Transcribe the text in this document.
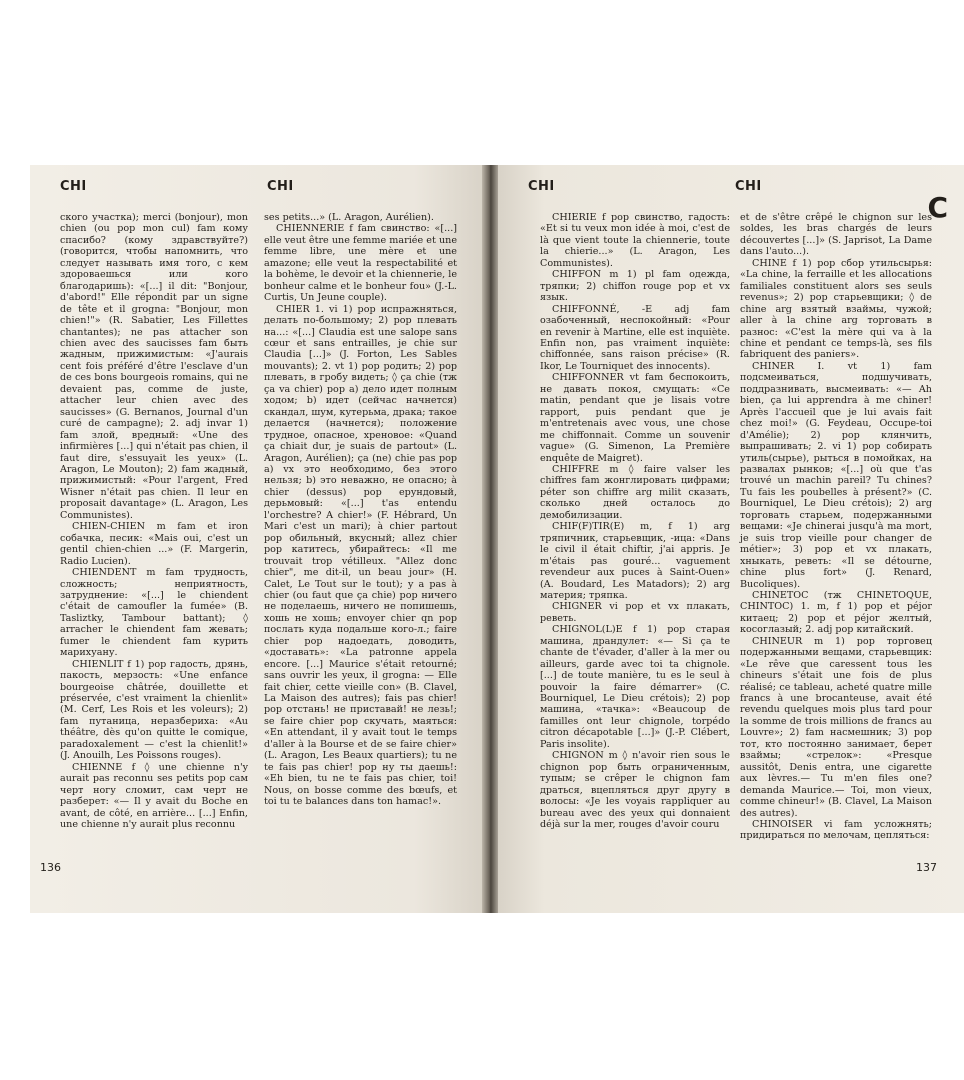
CHI	CHI

ского участка); merci (bonjour), mon chien (ou pop mon cul) fam кому спасибо? (кому здравствуйте?) (говорится, чтобы напомнить, что следует называть имя того, с кем здороваешься или кого благодаришь): «[...] il dit: "Bonjour, d'abord!" Elle répondit par un signe de tête et il grogna: "Bonjour, mon chien!"» (R. Sabatier, Les Fillettes chantantes); ne pas attacher son chien avec des saucisses fam быть жадным, прижимистым: «J'aurais cent fois préféré d'être l'esclave d'un de ces bons bourgeois romains, qui ne devaient pas, comme de juste, attacher leur chien avec des saucisses» (G. Bernanos, Journal d'un curé de campagne); 2. adj invar 1) fam злой, вредный: «Une des infirmières [...] qui n'était pas chien, il faut dire, s'essuyait les yeux» (L. Aragon, Le Mouton); 2) fam жадный, прижимистый: «Pour l'argent, Fred Wisner n'était pas chien. Il leur en proposait davantage» (L. Aragon, Les Communistes).

CHIEN-CHIEN m fam et iron собачка, песик: «Mais oui, c'est un gentil chien-chien ...» (F. Margerin, Radio Lucien).

CHIENDENT m fam трудность, сложность; неприятность, затруднение: «[...] le chiendent c'était de camoufler la fumée» (B. Tasliztky, Tambour battant); ◊ arracher le chiendent fam жевать; fumer le chiendent fam курить марихуану.

CHIENLIT f 1) pop гадость, дрянь, пакость, мерзость: «Une enfance bourgeoise châtrée, douillette et préservée, c'est vraiment la chienlit» (M. Cerf, Les Rois et les voleurs); 2) fam путаница, неразбериха: «Au théâtre, dès qu'on quitte le comique, paradoxalement — c'est la chienlit!» (J. Anouilh, Les Poissons rouges).

CHIENNE f ◊ une chienne n'y aurait pas reconnu ses petits pop сам черт ногу сломит, сам черт не разберет: «— Il y avait du Boche en avant, de côté, en arrière... [...] Enfin, une chienne n'y aurait plus reconnu

ses petits...» (L. Aragon, Aurélien).

CHIENNERIE f fam свинство: «[...] elle veut être une femme mariée et une femme libre, une mère et une amazone; elle veut la respectabilité et la bohème, le devoir et la chiennerie, le bonheur calme et le bonheur fou» (J.-L. Curtis, Un Jeune couple).

CHIER 1. vi 1) pop испражняться, делать по-большому; 2) pop плевать на...: «[...] Claudia est une salope sans cœur et sans entrailles, je chie sur Claudia [...]» (J. Forton, Les Sables mouvants); 2. vt 1) pop родить; 2) pop плевать, в гробу видеть; ◊ ça chie (тж ça va chier) pop a) дело идет полным ходом; b) идет (сейчас начнется) скандал, шум, кутерьма, драка; такое делается (начнется); положение трудное, опасное, хреновое: «Quand ça chiait dur, je suais de partout» (L. Aragon, Aurélien); ça (ne) chie pas pop a) vx это необходимо, без этого нельзя; b) это неважно, не опасно; à chier (dessus) pop ерундовый, дерьмовый: «[...] t'as entendu l'orchestre? A chier!» (F. Hébrard, Un Mari c'est un mari); à chier partout pop обильный, вкусный; allez chier pop катитесь, убирайтесь: «Il me trouvait trop vétilleux. "Allez donc chier", me dit-il, un beau jour» (H. Calet, Le Tout sur le tout); y a pas à chier (ou faut que ça chie) pop ничего не поделаешь, ничего не попишешь, хошь не хошь; envoyer chier qn pop послать куда подальше кого-л.; faire chier pop надоедать, доводить, «доставать»: «La patronne appela encore. [...] Maurice s'était retourné; sans ouvrir les yeux, il grogna: — Elle fait chier, cette vieille con» (B. Clavel, La Maison des autres); fais pas chier! pop отстань! не приставай! не лезь!; se faire chier pop скучать, маяться: «En attendant, il y avait tout le temps d'aller à la Bourse et de se faire chier» (L. Aragon, Les Beaux quartiers); tu ne te fais pas chier! pop ну ты даешь!: «Eh bien, tu ne te fais pas chier, toi! Nous, on bosse comme des bœufs, et toi tu te balances dans ton hamac!».

136
CHI	CHI
C

CHIERIE f pop свинство, гадость: «Et si tu veux mon idée à moi, c'est de là que vient toute la chiennerie, toute la chierie...» (L. Aragon, Les Communistes).

CHIFFON m 1) pl fam одежда, тряпки; 2) chiffon rouge pop et vx язык.

CHIFFONNÉ, -E adj fam озабоченный, неспокойный: «Pour en revenir à Martine, elle est inquiète. Enfin non, pas vraiment inquiète: chiffonnée, sans raison précise» (R. Ikor, Le Tourniquet des innocents).

CHIFFONNER vt fam беспокоить, не давать покоя, смущать: «Ce matin, pendant que je lisais votre rapport, puis pendant que je m'entretenais avec vous, une chose me chiffonnait. Comme un souvenir vague» (G. Simenon, La Première enquête de Maigret).

CHIFFRE m ◊ faire valser les chiffres fam жонглировать цифрами; péter son chiffre arg milit сказать, сколько дней осталось до демобилизации.

CHIF(F)TIR(E) m, f 1) arg тряпичник, старьевщик, -ица: «Dans le civil il était chiftir, j'ai appris. Je m'étais pas gouré... vaguement revendeur aux puces à Saint-Ouen» (A. Boudard, Les Matadors); 2) arg материя; тряпка.

CHIGNER vi pop et vx плакать, реветь.

CHIGNOL(L)E f 1) pop старая машина, драндулет: «— Si ça te chante de t'évader, d'aller à la mer ou ailleurs, garde avec toi ta chignole. [...] de toute manière, tu es le seul à pouvoir la faire démarrer» (C. Bourniquel, Le Dieu crétois); 2) pop машина, «тачка»: «Beaucoup de familles ont leur chignole, torpédo citron décapotable [...]» (J.-P. Clébert, Paris insolite).

CHIGNON m ◊ n'avoir rien sous le chignon pop быть ограниченным, тупым; se crêper le chignon fam драться, вцепляться друг другу в волосы: «Je les voyais rappliquer au bureau avec des yeux qui donnaient déjà sur la mer, rouges d'avoir couru

et de s'être crêpé le chignon sur les soldes, les bras chargés de leurs découvertes [...]» (S. Japrisot, La Dame dans l'auto...).

CHINE f 1) pop сбор утильсырья: «La chine, la ferraille et les allocations familiales constituent alors ses seuls revenus»; 2) pop старьевщики; ◊ de chine arg взятый взаймы, чужой; aller à la chine arg торговать в разнос: «C'est la mère qui va à la chine et pendant ce temps-là, ses fils fabriquent des paniers».

CHINER I. vt 1) fam подсмеиваться, подшучивать, поддразнивать, высмеивать: «— Ah bien, ça lui apprendra à me chiner! Après l'accueil que je lui avais fait chez moi!» (G. Feydeau, Occupe-toi d'Amélie); 2) pop клянчить, выпрашивать; 2. vi 1) pop собирать утиль(сырье), рыться в помойках, на развалах рынков; «[...] où que t'as trouvé un machin pareil? Tu chines? Tu fais les poubelles à présent?» (C. Bourniquel, Le Dieu crétois); 2) arg торговать старьем, подержанными вещами: «Je chinerai jusqu'à ma mort, je suis trop vieille pour changer de métier»; 3) pop et vx плакать, хныкать, реветь: «Il se détourne, chine plus fort» (J. Renard, Bucoliques).

CHINETOC (тж CHINETOQUE, CHINTOC) 1. m, f 1) pop et péjor китаец; 2) pop et péjor желтый, косоглазый; 2. adj pop китайский.

CHINEUR m 1) pop торговец подержанными вещами, старьевщик: «Le rêve que caressent tous les chineurs s'était une fois de plus réalisé; ce tableau, acheté quatre mille francs à une brocanteuse, avait été revendu quelques mois plus tard pour la somme de trois millions de francs au Louvre»; 2) fam насмешник; 3) pop тот, кто постоянно занимает, берет взаймы; «стрелок»: «Presque aussitôt, Denis entra, une cigarette aux lèvres.— Tu m'en files one? demanda Maurice.— Toi, mon vieux, comme chineur!» (B. Clavel, La Maison des autres).

CHINOISER vi fam усложнять; придираться по мелочам, цепляться:

137
